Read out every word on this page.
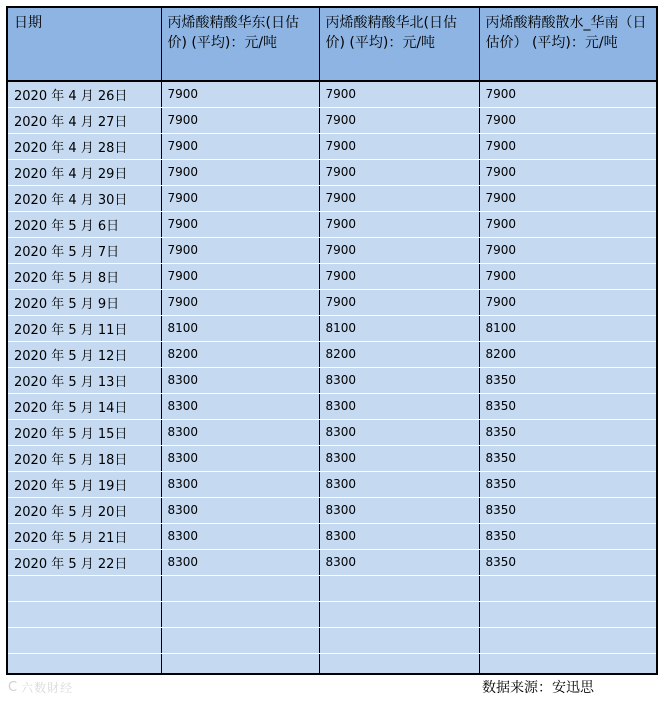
日期	丙烯酸精酸华东(日估价) (平均)：元/吨	丙烯酸精酸华北(日估价) (平均)：元/吨	丙烯酸精酸散水_华南（日估价） (平均)：元/吨
2020 年 4 月 26日	7900	7900	7900
2020 年 4 月 27日	7900	7900	7900
2020 年 4 月 28日	7900	7900	7900
2020 年 4 月 29日	7900	7900	7900
2020 年 4 月 30日	7900	7900	7900
2020 年 5 月 6日	7900	7900	7900
2020 年 5 月 7日	7900	7900	7900
2020 年 5 月 8日	7900	7900	7900
2020 年 5 月 9日	7900	7900	7900
2020 年 5 月 11日	8100	8100	8100
2020 年 5 月 12日	8200	8200	8200
2020 年 5 月 13日	8300	8300	8350
2020 年 5 月 14日	8300	8300	8350
2020 年 5 月 15日	8300	8300	8350
2020 年 5 月 18日	8300	8300	8350
2020 年 5 月 19日	8300	8300	8350
2020 年 5 月 20日	8300	8300	8350
2020 年 5 月 21日	8300	8300	8350
2020 年 5 月 22日	8300	8300	8350

C 六数財经	数据来源：安迅思
